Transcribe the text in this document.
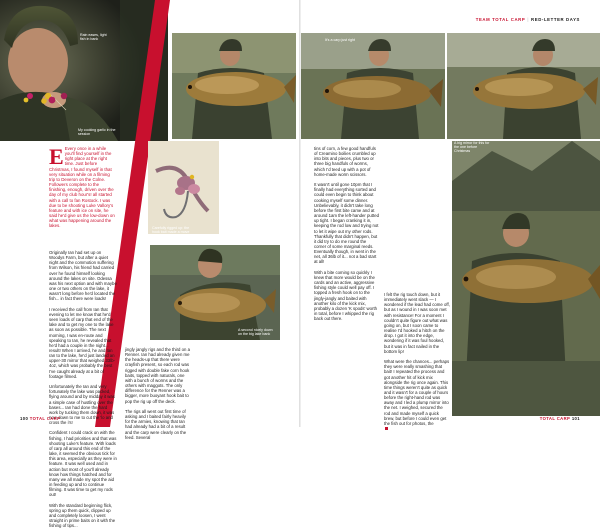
Rain eases, light fish in bank
My cooking garlic in the session
E Every once in a while you'll find yourself in the right place at the right time. Just before Christmas, I found myself in that very situation while on a filming trip to Deveron on the Colne. Followers complete to the finishing, enough, driven over the day of my club hour's! all started with a call to fan Rostock. I was due to be shooting Luke Vallory's feature and with ice on site, he said he'd give us the low-down on what was happening around the lakes.
Originally Ian had set up on Woodys Farm, but after a quiet night and the commotion suffering from Wilson, his friend had carried over he found himself looking around the lakes on site. Odessa was his next option and with maybe one or two others on the lake, it wasn't long before he'd located the fish... in fact there were loads!

I received the call from Ian that evening to let me know that he'd seen loads of carp that end of the lake and to get my one to the lake as soon as possible. The next morning, I was en-route and speaking to Ian, he revealed that he'd had a couple in the night... result! When I arrived, he and Ian ran to the lake, he'd just landed an upper-30 mirror that weighed 33lb-4oz, which was probably the best I've caught already at a bit of footage filmed.

Unfortunately the Ian and very fortunately the lake was packed, flying around and by midday it was a simple case of hustling over the bases... Ian had done the hard work by tucking them down, it was now down to me to cut the 'lo and cross the i's!

Confident I could crack on with the fishing, I had priorities and that was shooting Luke's feature. With loads of carp all around this end of the lake, it seemed the obvious tick for this area, especially as they were in feature. It was well used and in action but most of you'll already know how things hatched and for many we all made my spot the aid in feeding up and to continue filming. It was time to get my rods out!

With the standard beginning flick, spring up them quick, clipped up and completely loosen, I went straight in prime baits on it with the fishing of tips...
Carefully rigged up: the hook bait made a move
jingly jangly rigs and the third on a Renner. Ian had already given me the heads-up that there were crayfish present, so each rod was rigged with double fake corn hook baits, topped with naturals, one with a bunch of worms and the others with maggots. The only difference for the Renner was a bigger, more buoyant hook bait to pop the rig up off the deck.

The rigs all went out first time of asking and I baited fairly heavily for the armies, knowing that Ian had already had a bit of a result and the carp were clearly on the feed. Several
100 TOTAL CARP
TEAM TOTAL CARP | RED-LETTER DAYS
It's a carp just right
tins of corn, a few good handfuls of Creamino boilies crumbled up into bits and pieces, plus two or three big handfuls of worms, which I'd teed up with a pot of home-made worm scissors.

It wasn't until gone 10pm that I finally had everything sorted and could even begin to think about cooking myself some dinner. Unbelievably, it didn't take long before the first bite came and at around 1am the left-hander putted up tight. I began cranking it in, keeping the rod low and trying not to let it wipe out my other rods. Thankfully that didn't happen, but it did try to do me round the corner of some marginal reeds. Eventually though, in went in the net, all 36lb of it... not a bad start at all!

With a bite coming so quickly I knew that more would be on the cards and an active, aggressive fishing style could well pay off. I topped a fresh hook on to the jingly-jangly and baited with another kilo of the kick mix, probably a dozen 'K spods' worth in total, before I whipped the rig back out there.
I felt the rig touch down, but it immediately went slack — I wondered if the lead had come off, but as I wound in I was soon met with resistance! For a moment I couldn't quite figure out what was going on, but I soon came to realise I'd hooked a hitch on the drop. I got it into the edge, wondering if it was foul hooked, but it was in fact nailed in the bottom lip!

What were the chances... perhaps they were really smashing that bait! I repeated the process and got another hit of kick mix alongside the rig once again. This time things weren't quite as quick and it wasn't for a couple of hours before the right-hand rod was away and I led a plump mirror into the net. I weighed, secured the rod and made myself a quick brew, but before I could even get the fish out for photos, the
A big mirror for this for the one before Christmas
A second nicely down on the big lake bank
TOTAL CARP 101
